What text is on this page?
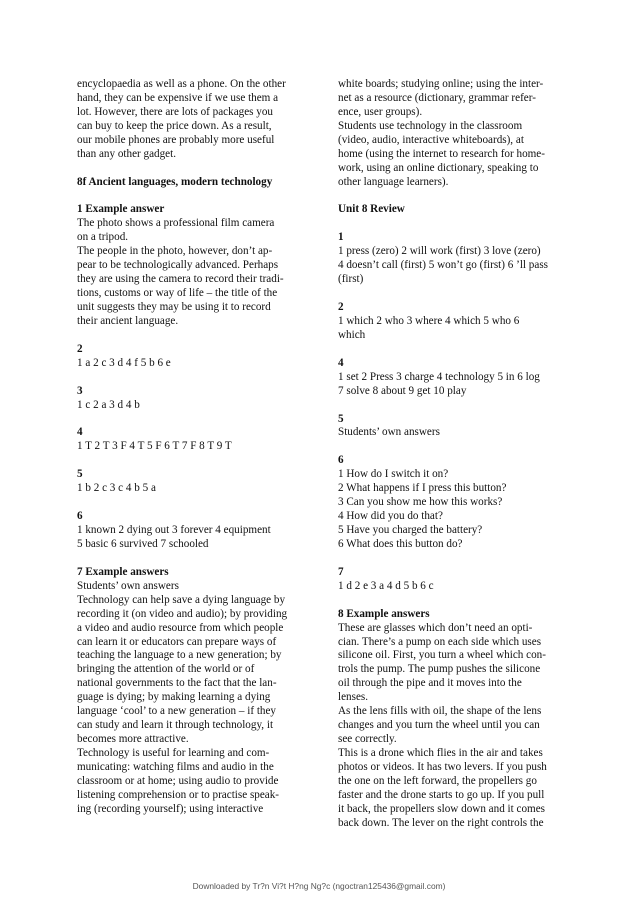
encyclopaedia as well as a phone. On the other
hand, they can be expensive if we use them a
lot. However, there are lots of packages you
can buy to keep the price down. As a result,
our mobile phones are probably more useful
than any other gadget.
8f Ancient languages, modern technology
1 Example answer
The photo shows a professional film camera
on a tripod.
The people in the photo, however, don’t ap-
pear to be technologically advanced. Perhaps
they are using the camera to record their tradi-
tions, customs or way of life – the title of the
unit suggests they may be using it to record
their ancient language.
2
1 a 2 c 3 d 4 f 5 b 6 e
3
1 c 2 a 3 d 4 b
4
1 T 2 T 3 F 4 T 5 F 6 T 7 F 8 T 9 T
5
1 b 2 c 3 c 4 b 5 a
6
1 known 2 dying out 3 forever 4 equipment
5 basic 6 survived 7 schooled
7 Example answers
Students’ own answers
Technology can help save a dying language by
recording it (on video and audio); by providing
a video and audio resource from which people
can learn it or educators can prepare ways of
teaching the language to a new generation; by
bringing the attention of the world or of
national governments to the fact that the lan-
guage is dying; by making learning a dying
language ‘cool’ to a new generation – if they
can study and learn it through technology, it
becomes more attractive.
Technology is useful for learning and com-
municating: watching films and audio in the
classroom or at home; using audio to provide
listening comprehension or to practise speak-
ing (recording yourself); using interactive
white boards; studying online; using the inter-
net as a resource (dictionary, grammar refer-
ence, user groups).
Students use technology in the classroom
(video, audio, interactive whiteboards), at
home (using the internet to research for home-
work, using an online dictionary, speaking to
other language learners).
Unit 8 Review
1
1 press (zero) 2 will work (first) 3 love (zero)
4 doesn’t call (first) 5 won’t go (first) 6 ’ll pass
(first)
2
1 which 2 who 3 where 4 which 5 who 6
which
4
1 set 2 Press 3 charge 4 technology 5 in 6 log
7 solve 8 about 9 get 10 play
5
Students’ own answers
6
1 How do I switch it on?
2 What happens if I press this button?
3 Can you show me how this works?
4 How did you do that?
5 Have you charged the battery?
6 What does this button do?
7
1 d 2 e 3 a 4 d 5 b 6 c
8 Example answers
These are glasses which don’t need an opti-
cian. There’s a pump on each side which uses
silicone oil. First, you turn a wheel which con-
trols the pump. The pump pushes the silicone
oil through the pipe and it moves into the
lenses.
As the lens fills with oil, the shape of the lens
changes and you turn the wheel until you can
see correctly.
This is a drone which flies in the air and takes
photos or videos. It has two levers. If you push
the one on the left forward, the propellers go
faster and the drone starts to go up. If you pull
it back, the propellers slow down and it comes
back down. The lever on the right controls the
Downloaded by Tr?n Vi?t H?ng Ng?c (ngoctran125436@gmail.com)
